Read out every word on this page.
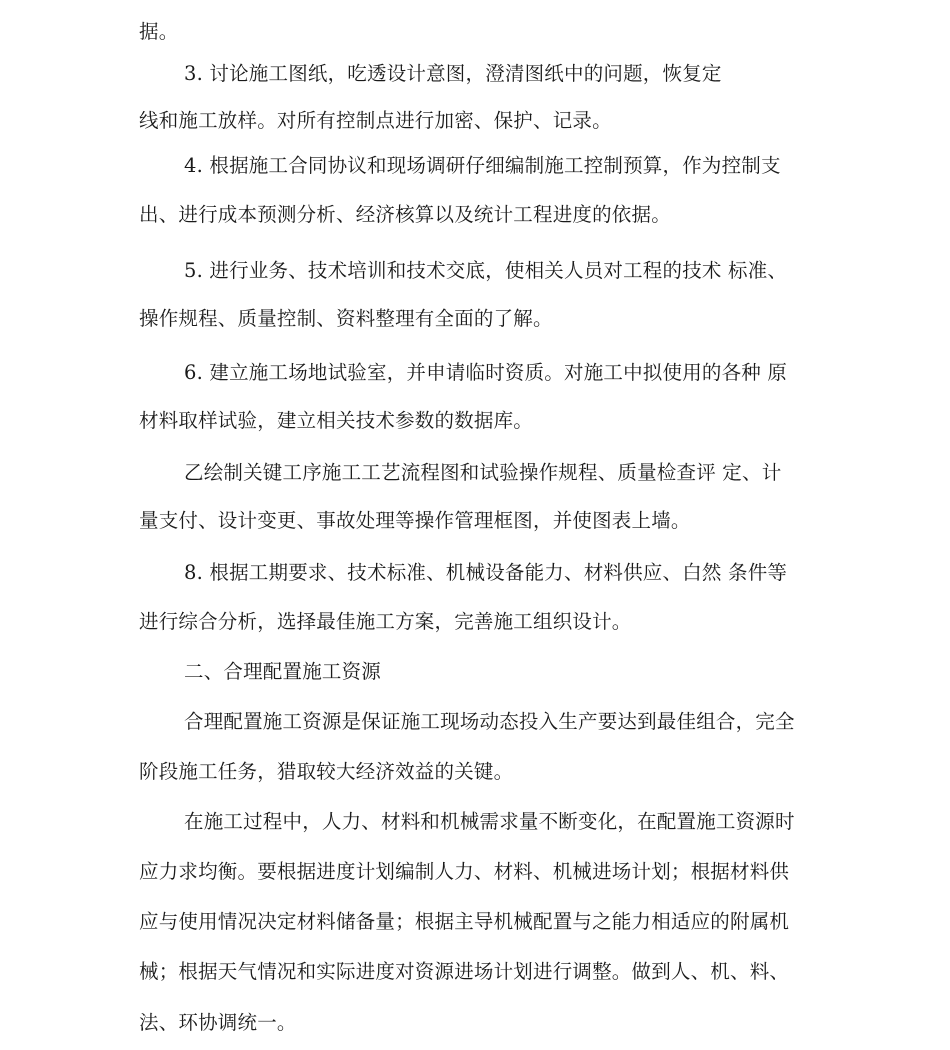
据。
3. 讨论施工图纸，吃透设计意图，澄清图纸中的问题，恢复定
线和施工放样。对所有控制点进行加密、保护、记录。
4. 根据施工合同协议和现场调研仔细编制施工控制预算，作为控制支
出、进行成本预测分析、经济核算以及统计工程进度的依据。
5. 进行业务、技术培训和技术交底，使相关人员对工程的技术 标准、
操作规程、质量控制、资料整理有全面的了解。
6. 建立施工场地试验室，并申请临时资质。对施工中拟使用的各种 原
材料取样试验，建立相关技术参数的数据库。
乙绘制关键工序施工工艺流程图和试验操作规程、质量检查评 定、计
量支付、设计变更、事故处理等操作管理框图，并使图表上墙。
8. 根据工期要求、技术标准、机械设备能力、材料供应、白然 条件等
进行综合分析，选择最佳施工方案，完善施工组织设计。
二、合理配置施工资源
合理配置施工资源是保证施工现场动态投入生产要达到最佳组合，完全
阶段施工任务，猎取较大经济效益的关键。
在施工过程中，人力、材料和机械需求量不断变化，在配置施工资源时
应力求均衡。要根据进度计划编制人力、材料、机械进场计划；根据材料供
应与使用情况决定材料储备量；根据主导机械配置与之能力相适应的附属机
械；根据天气情况和实际进度对资源进场计划进行调整。做到人、机、料、
法、环协调统一。
